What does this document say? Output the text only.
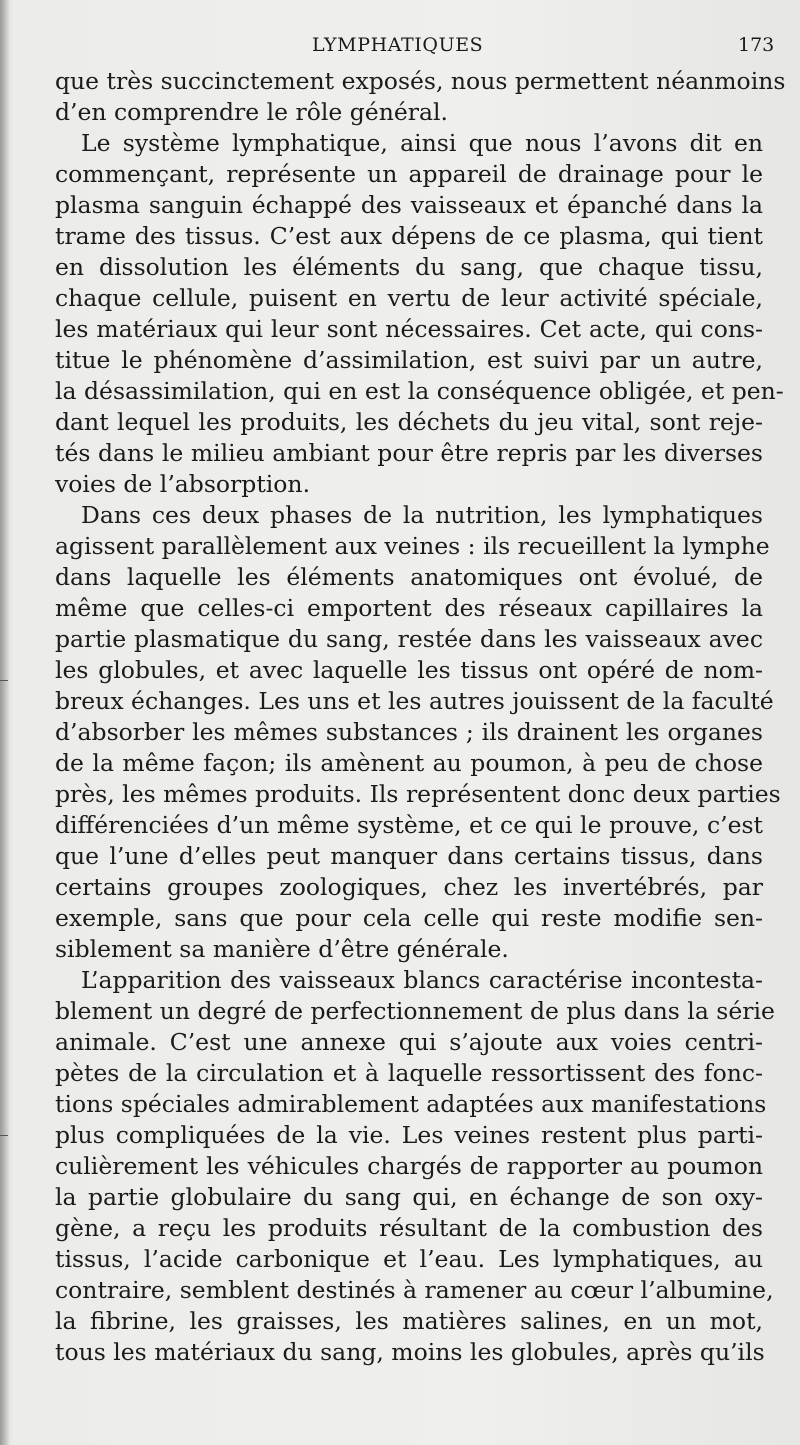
LYMPHATIQUES	173
que très succinctement exposés, nous permettent néanmoins
d’en comprendre le rôle général.
Le système lymphatique, ainsi que nous l’avons dit en
commençant, représente un appareil de drainage pour le
plasma sanguin échappé des vaisseaux et épanché dans la
trame des tissus. C’est aux dépens de ce plasma, qui tient
en dissolution les éléments du sang, que chaque tissu,
chaque cellule, puisent en vertu de leur activité spéciale,
les matériaux qui leur sont nécessaires. Cet acte, qui cons-
titue le phénomène d’assimilation, est suivi par un autre,
la désassimilation, qui en est la conséquence obligée, et pen-
dant lequel les produits, les déchets du jeu vital, sont reje-
tés dans le milieu ambiant pour être repris par les diverses
voies de l’absorption.
Dans ces deux phases de la nutrition, les lymphatiques
agissent parallèlement aux veines : ils recueillent la lymphe
dans laquelle les éléments anatomiques ont évolué, de
même que celles-ci emportent des réseaux capillaires la
partie plasmatique du sang, restée dans les vaisseaux avec
les globules, et avec laquelle les tissus ont opéré de nom-
breux échanges. Les uns et les autres jouissent de la faculté
d’absorber les mêmes substances ; ils drainent les organes
de la même façon; ils amènent au poumon, à peu de chose
près, les mêmes produits. Ils représentent donc deux parties
différenciées d’un même système, et ce qui le prouve, c’est
que l’une d’elles peut manquer dans certains tissus, dans
certains groupes zoologiques, chez les invertébrés, par
exemple, sans que pour cela celle qui reste modifie sen-
siblement sa manière d’être générale.
L’apparition des vaisseaux blancs caractérise incontesta-
blement un degré de perfectionnement de plus dans la série
animale. C’est une annexe qui s’ajoute aux voies centri-
pètes de la circulation et à laquelle ressortissent des fonc-
tions spéciales admirablement adaptées aux manifestations
plus compliquées de la vie. Les veines restent plus parti-
culièrement les véhicules chargés de rapporter au poumon
la partie globulaire du sang qui, en échange de son oxy-
gène, a reçu les produits résultant de la combustion des
tissus, l’acide carbonique et l’eau. Les lymphatiques, au
contraire, semblent destinés à ramener au cœur l’albumine,
la fibrine, les graisses, les matières salines, en un mot,
tous les matériaux du sang, moins les globules, après qu’ils
